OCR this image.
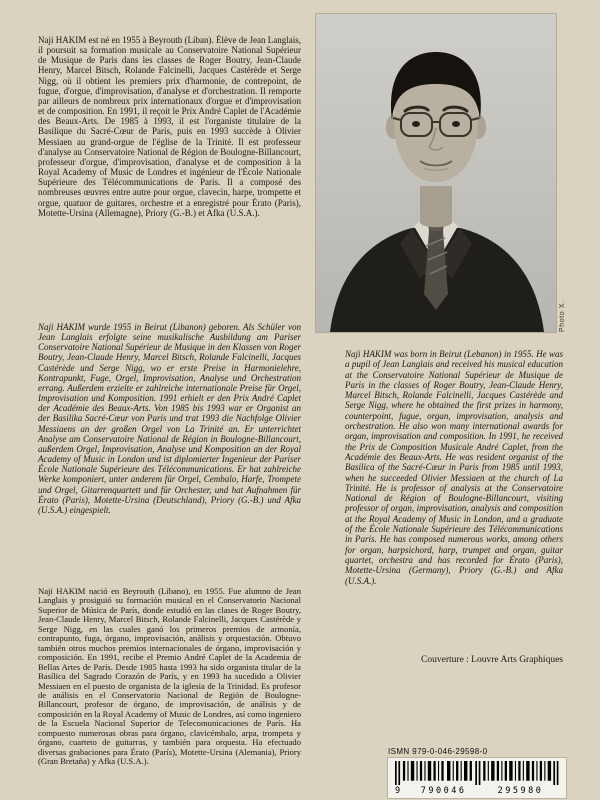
Naji HAKIM est né en 1955 à Beyrouth (Liban). Élève de Jean Langlais, il poursuit sa formation musicale au Conservatoire National Supérieur de Musique de Paris dans les classes de Roger Boutry, Jean-Claude Henry, Marcel Bitsch, Rolande Falcinelli, Jacques Castérède et Serge Nigg, où il obtient les premiers prix d'harmonie, de contrepoint, de fugue, d'orgue, d'improvisation, d'analyse et d'orchestration. Il remporte par ailleurs de nombreux prix internationaux d'orgue et d'improvisation et de composition. En 1991, il reçoit le Prix André Caplet de l'Académie des Beaux-Arts. De 1985 à 1993, il est l'organiste titulaire de la Basilique du Sacré-Cœur de Paris, puis en 1993 succède à Olivier Messiaen au grand-orgue de l'église de la Trinité. Il est professeur d'analyse au Conservatoire National de Région de Boulogne-Billancourt, professeur d'orgue, d'improvisation, d'analyse et de composition à la Royal Academy of Music de Londres et ingénieur de l'École Nationale Supérieure des Télécommunications de Paris. Il a composé des nombreuses œuvres entre autre pour orgue, clavecin, harpe, trompette et orgue, quatuor de guitares, orchestre et a enregistré pour Érato (Paris), Motette-Ursina (Allemagne), Priory (G.-B.) et Afka (U.S.A.).

Naji HAKIM wurde 1955 in Beirut (Libanon) geboren. Als Schüler von Jean Langlais erfolgte seine musikalische Ausbildung am Pariser Conservatoire National Supérieur de Musique in den Klassen von Roger Boutry, Jean-Claude Henry, Marcel Bitsch, Rolande Falcinelli, Jacques Castérède und Serge Nigg, wo er erste Preise in Harmonielehre, Kontrapunkt, Fuge, Orgel, Improvisation, Analyse und Orchestration errang. Außerdem erzielte er zahlreiche internationale Preise für Orgel, Improvisation und Komposition. 1991 erhielt er den Prix André Caplet der Académie des Beaux-Arts. Von 1985 bis 1993 war er Organist an der Basilika Sacré-Cœur von Paris und trat 1993 die Nachfolge Olivier Messiaens an der großen Orgel von La Trinité an. Er unterrichtet Analyse am Conservatoire National de Région in Boulogne-Billancourt, außerdem Orgel, Improvisation, Analyse und Komposition an der Royal Academy of Music in London und ist diplomierter Ingenieur der Pariser École Nationale Supérieure des Télécommunications. Er hat zahlreiche Werke komponiert, unter anderem für Orgel, Cembalo, Harfe, Trompete und Orgel, Gitarrenquartett und für Orchester, und hat Aufnahmen für Érato (Paris), Motette-Ursina (Deutschland), Priory (G.-B.) und Afka (U.S.A.) eingespielt.

Naji HAKIM nació en Beyrouth (Líbano), en 1955. Fue alumno de Jean Langlais y prosiguió su formación musical en el Conservatorio Nacional Superior de Música de París, donde estudió en las clases de Roger Boutry, Jean-Claude Henry, Marcel Bitsch, Rolande Falcinelli, Jacques Castérède y Serge Nigg, en las cuales ganó los primeros premios de armonía, contrapunto, fuga, órgano, improvisación, análisis y orquestación. Obtuvo también otros muchos premios internacionales de órgano, improvisación y composición. En 1991, recibe el Premio André Caplet de la Academia de Bellas Artes de París. Desde 1985 hasta 1993 ha sido organista titular de la Basílica del Sagrado Corazón de París, y en 1993 ha sucedido a Olivier Messiaen en el puesto de organista de la iglesia de la Trinidad. Es profesor de análisis en el Conservatorio Nacional de Región de Boulogne-Billancourt, profesor de órgano, de improvisación, de análisis y de composición en la Royal Academy of Music de Londres, así como ingeniero de la Escuela Nacional Superior de Telecomunicaciones de París. Ha compuesto numerosas obras para órgano, clavicémbalo, arpa, trompeta y órgano, cuarteto de guitarras, y también para orquesta. Ha efectuado diversas grabaciones para Érato (París), Motette-Ursina (Alemania), Priory (Gran Bretaña) y Afka (U.S.A.).

Photo X.

Naji HAKIM was born in Beirut (Lebanon) in 1955. He was a pupil of Jean Langlais and received his musical education at the Conservatoire National Supérieur de Musique de Paris in the classes of Roger Boutry, Jean-Claude Henry, Marcel Bitsch, Rolande Falcinelli, Jacques Castérède and Serge Nigg, where he obtained the first prizes in harmony, counterpoint, fugue, organ, improvisation, analysis and orchestration. He also won many international awards for organ, improvisation and composition. In 1991, he received the Prix de Composition Musicale André Caplet, from the Académie des Beaux-Arts. He was resident organist of the Basilica of the Sacré-Cœur in Paris from 1985 until 1993, when he succeeded Olivier Messiaen at the church of La Trinité. He is professor of analysis at the Conservatoire National de Région of Boulogne-Billancourt, visiting professor of organ, improvisation, analysis and composition at the Royal Academy of Music in London, and a graduate of the École Nationale Supérieure des Télécommunications in Paris. He has composed numerous works, among others for organ, harpsichord, harp, trumpet and organ, guitar quartet, orchestra and has recorded for Érato (Paris), Motette-Ursina (Germany), Priory (G.-B.) and Afka (U.S.A.).

Couverture : Louvre Arts Graphiques
ISMN 979-0-046-29598-0
9	790046	295980
